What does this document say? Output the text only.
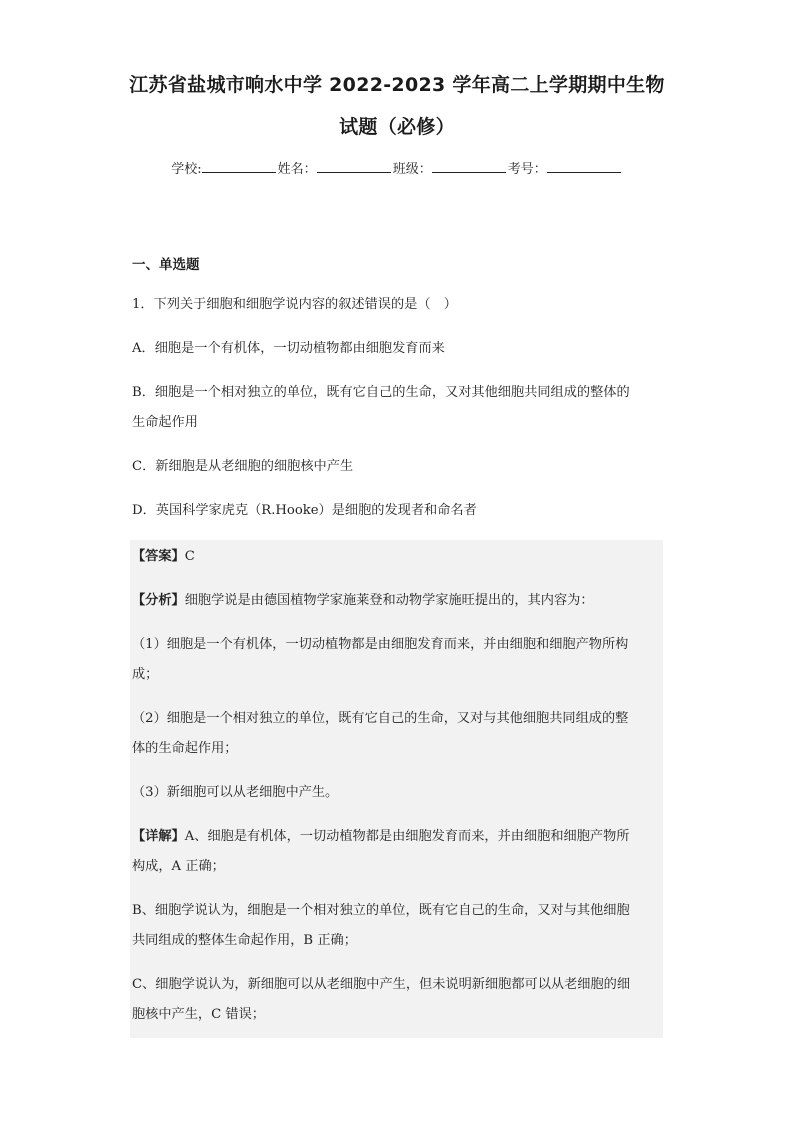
江苏省盐城市响水中学 2022-2023 学年高二上学期期中生物
试题（必修）
学校:	姓名：	班级：	考号：
一、单选题
1．下列关于细胞和细胞学说内容的叙述错误的是（　）
A．细胞是一个有机体，一切动植物都由细胞发育而来
B．细胞是一个相对独立的单位，既有它自己的生命，又对其他细胞共同组成的整体的
生命起作用
C．新细胞是从老细胞的细胞核中产生
D．英国科学家虎克（R.Hooke）是细胞的发现者和命名者
【答案】C
【分析】细胞学说是由德国植物学家施莱登和动物学家施旺提出的，其内容为：
（1）细胞是一个有机体，一切动植物都是由细胞发育而来，并由细胞和细胞产物所构
成；
（2）细胞是一个相对独立的单位，既有它自己的生命，又对与其他细胞共同组成的整
体的生命起作用；
（3）新细胞可以从老细胞中产生。
【详解】A、细胞是有机体，一切动植物都是由细胞发育而来，并由细胞和细胞产物所
构成，A 正确；
B、细胞学说认为，细胞是一个相对独立的单位，既有它自己的生命，又对与其他细胞
共同组成的整体生命起作用，B 正确；
C、细胞学说认为，新细胞可以从老细胞中产生，但未说明新细胞都可以从老细胞的细
胞核中产生，C 错误；
